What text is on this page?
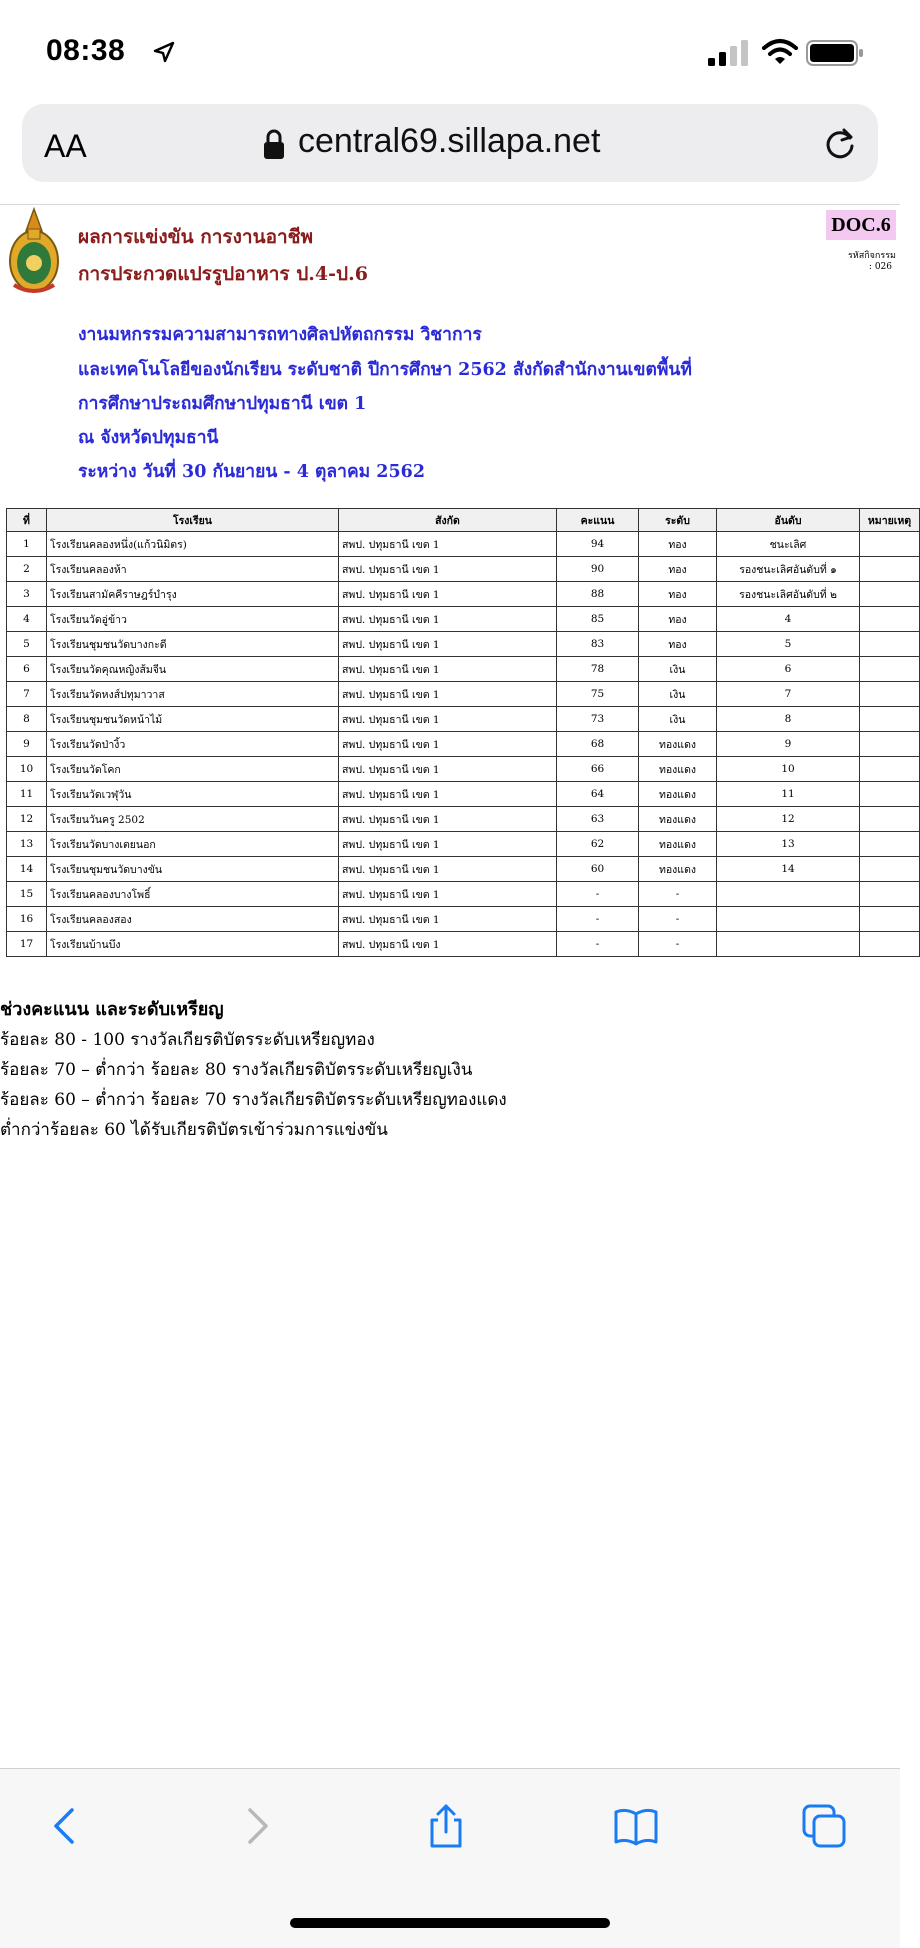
08:38
AA	central69.sillapa.net
ผลการแข่งขัน การงานอาชีพ
การประกวดแปรรูปอาหาร ป.4-ป.6
DOC.6
รหัสกิจกรรม
: 026
งานมหกรรมความสามารถทางศิลปหัตถกรรม วิชาการ
และเทคโนโลยีของนักเรียน ระดับชาติ ปีการศึกษา 2562 สังกัดสำนักงานเขตพื้นที่
การศึกษาประถมศึกษาปทุมธานี เขต 1
ณ จังหวัดปทุมธานี
ระหว่าง วันที่ 30 กันยายน - 4 ตุลาคม 2562
ที่	โรงเรียน	สังกัด	คะแนน	ระดับ	อันดับ	หมายเหตุ
1	โรงเรียนคลองหนึ่ง(แก้วนิมิตร)	สพป. ปทุมธานี เขต 1	94	ทอง	ชนะเลิศ	
2	โรงเรียนคลองห้า	สพป. ปทุมธานี เขต 1	90	ทอง	รองชนะเลิศอันดับที่ ๑	
3	โรงเรียนสามัคคีราษฎร์บำรุง	สพป. ปทุมธานี เขต 1	88	ทอง	รองชนะเลิศอันดับที่ ๒	
4	โรงเรียนวัดอู่ข้าว	สพป. ปทุมธานี เขต 1	85	ทอง	4	
5	โรงเรียนชุมชนวัดบางกะดี	สพป. ปทุมธานี เขต 1	83	ทอง	5	
6	โรงเรียนวัดคุณหญิงส้มจีน	สพป. ปทุมธานี เขต 1	78	เงิน	6	
7	โรงเรียนวัดหงส์ปทุมาวาส	สพป. ปทุมธานี เขต 1	75	เงิน	7	
8	โรงเรียนชุมชนวัดหน้าไม้	สพป. ปทุมธานี เขต 1	73	เงิน	8	
9	โรงเรียนวัดป่างิ้ว	สพป. ปทุมธานี เขต 1	68	ทองแดง	9	
10	โรงเรียนวัดโคก	สพป. ปทุมธานี เขต 1	66	ทองแดง	10	
11	โรงเรียนวัดเวฬุวัน	สพป. ปทุมธานี เขต 1	64	ทองแดง	11	
12	โรงเรียนวันครู 2502	สพป. ปทุมธานี เขต 1	63	ทองแดง	12	
13	โรงเรียนวัดบางเตยนอก	สพป. ปทุมธานี เขต 1	62	ทองแดง	13	
14	โรงเรียนชุมชนวัดบางขัน	สพป. ปทุมธานี เขต 1	60	ทองแดง	14	
15	โรงเรียนคลองบางโพธิ์	สพป. ปทุมธานี เขต 1	-	-		
16	โรงเรียนคลองสอง	สพป. ปทุมธานี เขต 1	-	-		
17	โรงเรียนบ้านบึง	สพป. ปทุมธานี เขต 1	-	-		
ช่วงคะแนน และระดับเหรียญ
ร้อยละ 80 - 100 รางวัลเกียรติบัตรระดับเหรียญทอง
ร้อยละ 70 – ต่ำกว่า ร้อยละ 80 รางวัลเกียรติบัตรระดับเหรียญเงิน
ร้อยละ 60 – ต่ำกว่า ร้อยละ 70 รางวัลเกียรติบัตรระดับเหรียญทองแดง
ต่ำกว่าร้อยละ 60 ได้รับเกียรติบัตรเข้าร่วมการแข่งขัน
